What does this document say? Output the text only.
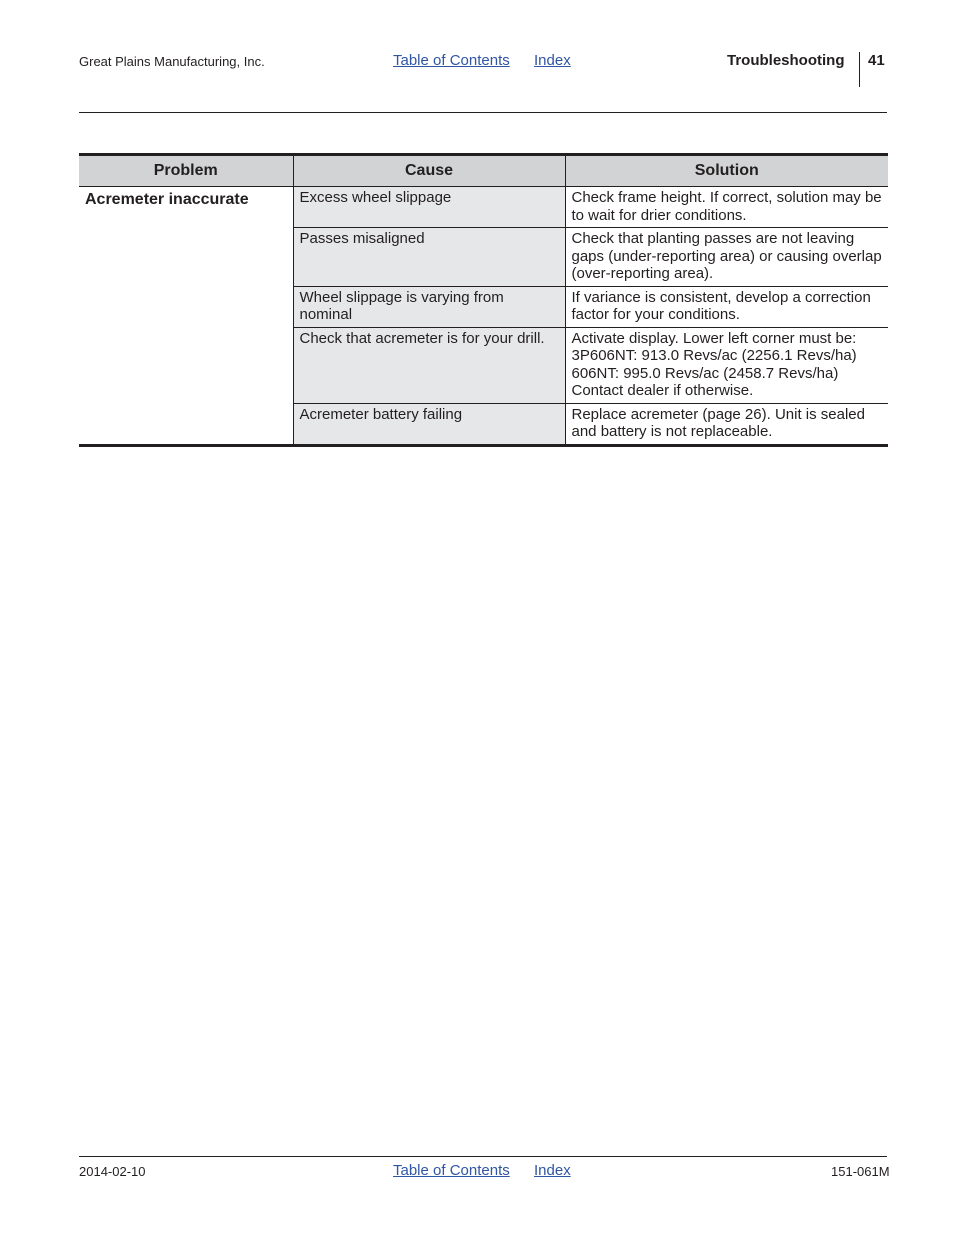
Great Plains Manufacturing, Inc.	Table of Contents Index	Troubleshooting 41
Problem	Cause	Solution
Acremeter inaccurate	Excess wheel slippage	Check frame height. If correct, solution may be to wait for drier conditions.
	Passes misaligned	Check that planting passes are not leaving gaps (under-reporting area) or causing overlap (over-reporting area).
	Wheel slippage is varying from nominal	If variance is consistent, develop a correction factor for your conditions.
	Check that acremeter is for your drill.	Activate display. Lower left corner must be:
3P606NT: 913.0 Revs/ac (2256.1 Revs/ha)
606NT: 995.0 Revs/ac (2458.7 Revs/ha)
Contact dealer if otherwise.

	Acremeter battery failing	Replace acremeter (page 26). Unit is sealed and battery is not replaceable.
2014-02-10	Table of Contents Index	151-061M
